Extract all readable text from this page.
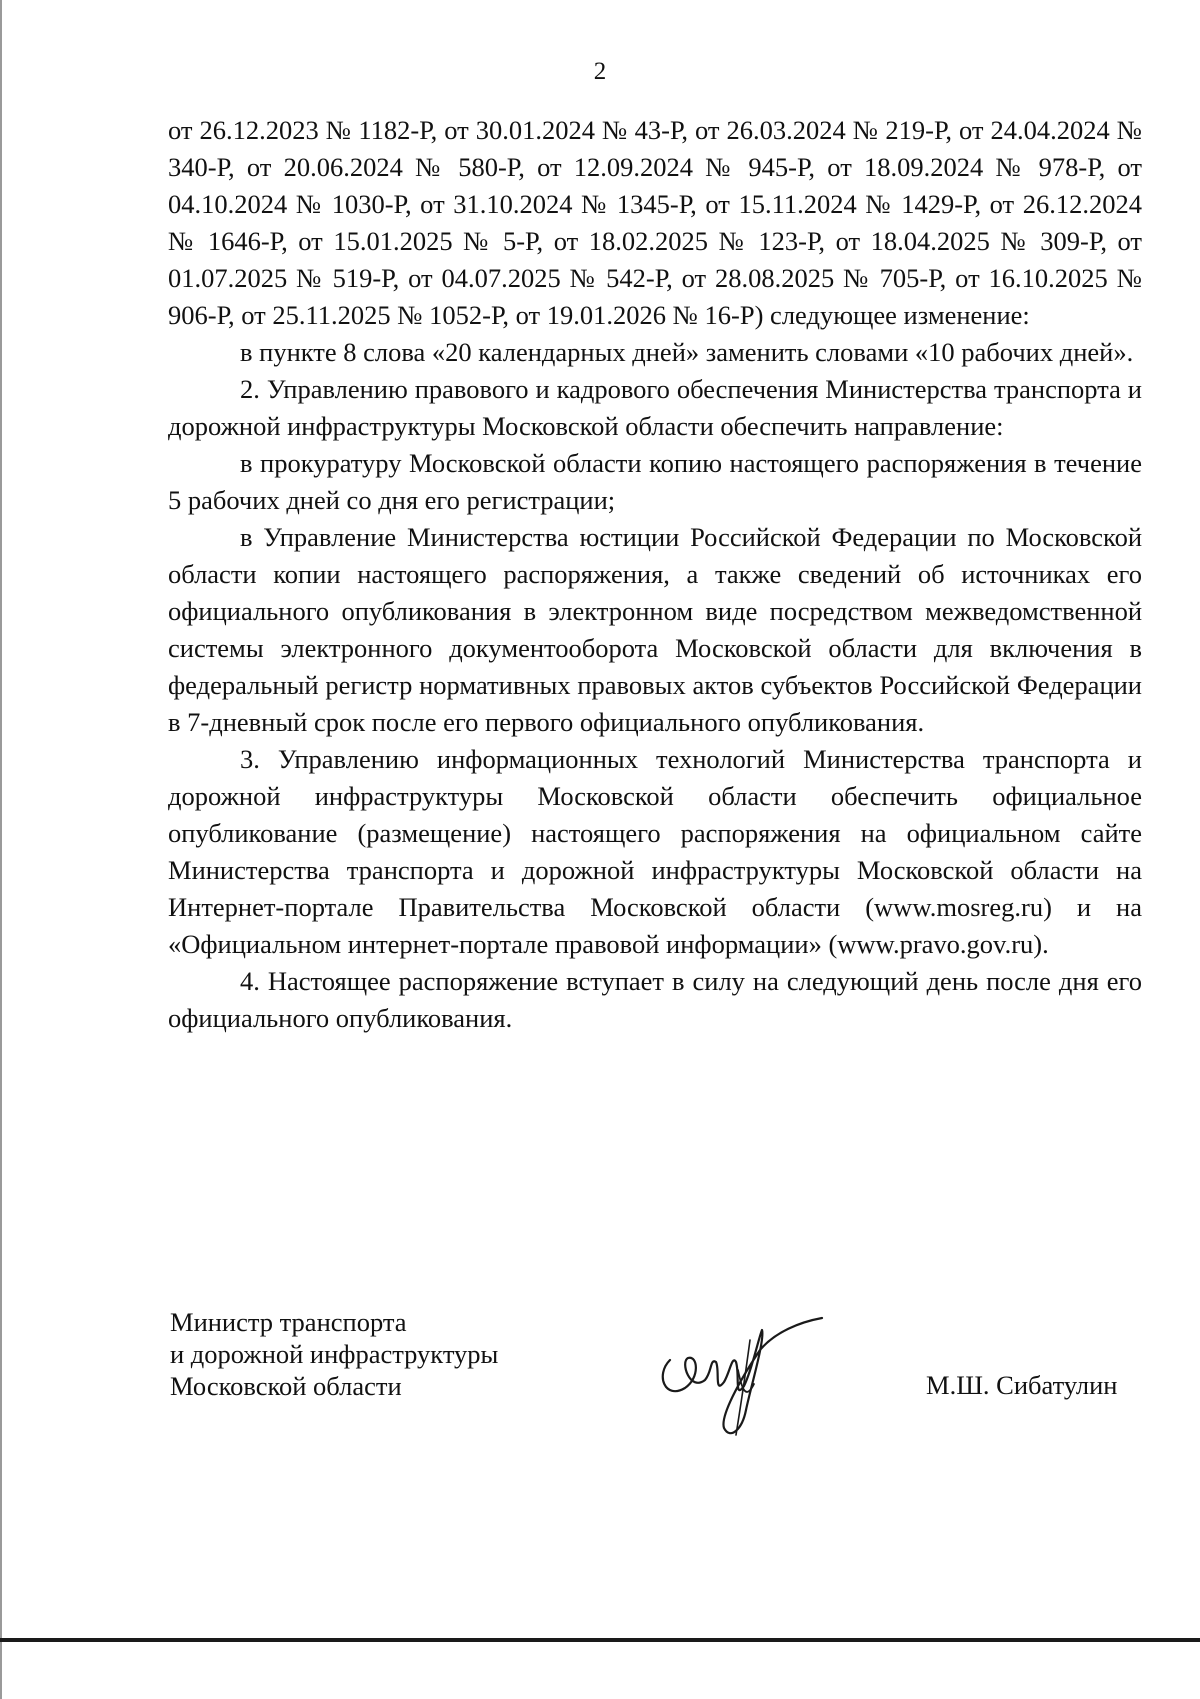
2

от 26.12.2023 № 1182-Р, от 30.01.2024 № 43-Р, от 26.03.2024 № 219-Р, от 24.04.2024 № 340-Р, от 20.06.2024 № 580-Р, от 12.09.2024 № 945-Р, от 18.09.2024 № 978-Р, от 04.10.2024 № 1030-Р, от 31.10.2024 № 1345-Р, от 15.11.2024 № 1429-Р, от 26.12.2024 № 1646-Р, от 15.01.2025 № 5-Р, от 18.02.2025 № 123-Р, от 18.04.2025 № 309-Р, от 01.07.2025 № 519-Р, от 04.07.2025 № 542-Р, от 28.08.2025 № 705-Р, от 16.10.2025 № 906-Р, от 25.11.2025 № 1052-Р, от 19.01.2026 № 16-Р) следующее изменение:

в пункте 8 слова «20 календарных дней» заменить словами «10 рабочих дней».

2. Управлению правового и кадрового обеспечения Министерства транспорта и дорожной инфраструктуры Московской области обеспечить направление:

в прокуратуру Московской области копию настоящего распоряжения в течение 5 рабочих дней со дня его регистрации;

в Управление Министерства юстиции Российской Федерации по Московской области копии настоящего распоряжения, а также сведений об источниках его официального опубликования в электронном виде посредством межведомственной системы электронного документооборота Московской области для включения в федеральный регистр нормативных правовых актов субъектов Российской Федерации в 7-дневный срок после его первого официального опубликования.

3. Управлению информационных технологий Министерства транспорта и дорожной инфраструктуры Московской области обеспечить официальное опубликование (размещение) настоящего распоряжения на официальном сайте Министерства транспорта и дорожной инфраструктуры Московской области на Интернет-портале Правительства Московской области (www.mosreg.ru) и на «Официальном интернет-портале правовой информации» (www.pravo.gov.ru).

4. Настоящее распоряжение вступает в силу на следующий день после дня его официального опубликования.

Министр транспорта
и дорожной инфраструктуры
Московской области	М.Ш. Сибатулин
